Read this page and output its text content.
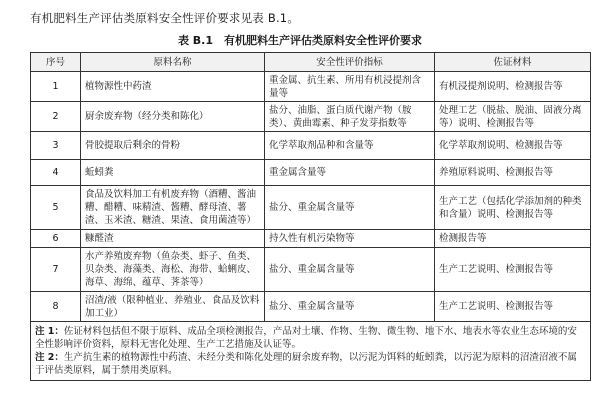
有机肥料生产评估类原料安全性评价要求见表 B.1。
表 B.1　有机肥料生产评估类原料安全性评价要求
序号	原料名称	安全性评价指标	佐证材料
1	植物源性中药渣	重金属、抗生素、所用有机浸提剂含量等	有机浸提剂说明、检测报告等
2	厨余废弃物（经分类和陈化）	盐分、油脂、蛋白质代谢产物（胺类）、黄曲霉素、种子发芽指数等	处理工艺（脱盐、脱油、固液分离等）说明、检测报告等
3	骨胶提取后剩余的骨粉	化学萃取剂品种和含量等	化学萃取剂说明、检测报告等
4	蚯蚓粪	重金属含量等	养殖原料说明、检测报告等
5	食品及饮料加工有机废弃物（酒糟、酱油糟、醋糟、味精渣、酱糟、酵母渣、薯渣、玉米渣、糖渣、果渣、食用菌渣等）	盐分、重金属含量等	生产工艺（包括化学添加剂的种类和含量）说明、检测报告等
6	糠醛渣	持久性有机污染物等	检测报告等
7	水产养殖废弃物（鱼杂类、虾子、鱼类、贝杂类、海藻类、海松、海带、蛤蜊皮、海草、海绵、蕴草、荠茶等）	盐分、重金属含量等	生产工艺说明、检测报告等
8	沼渣/液（限种植业、养殖业、食品及饮料加工业）	盐分、重金属含量等	生产工艺说明、检测报告等

注 1：佐证材料包括但不限于原料、成品全项检测报告，产品对土壤、作物、生物、微生物、地下水、地表水等农业生态环境的安全性影响评价资料，原料无害化处理、生产工艺措施及认证等。
注 2：生产抗生素的植物源性中药渣、未经分类和陈化处理的厨余废弃物，以污泥为饵料的蚯蚓粪，以污泥为原料的沼渣沼液不属于评估类原料，属于禁用类原料。			
